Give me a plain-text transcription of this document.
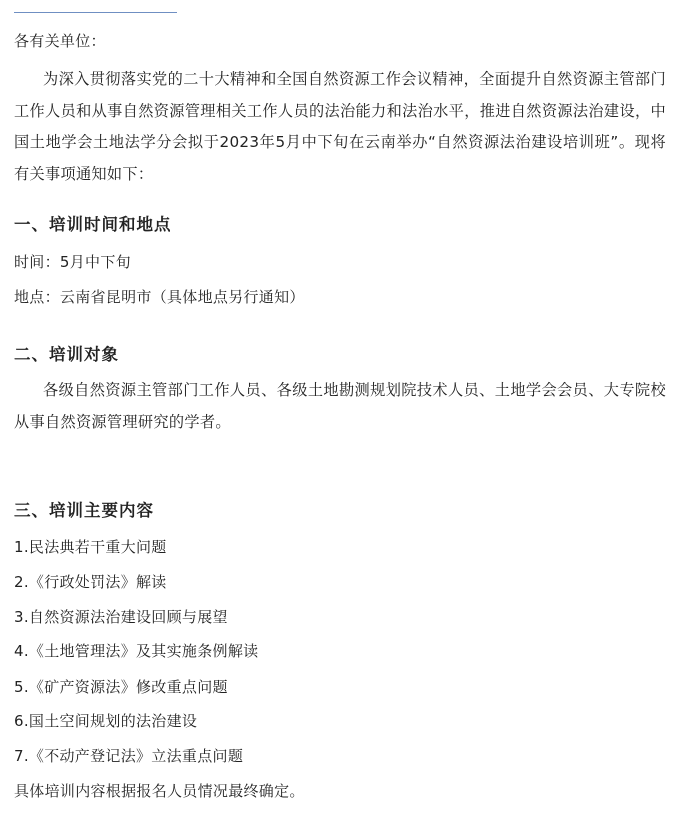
各有关单位：

为深入贯彻落实党的二十大精神和全国自然资源工作会议精神，全面提升自然资源主管部门工作人员和从事自然资源管理相关工作人员的法治能力和法治水平，推进自然资源法治建设，中国土地学会土地法学分会拟于2023年5月中下旬在云南举办“自然资源法治建设培训班”。现将有关事项通知如下：

一、培训时间和地点
时间：5月中下旬
地点：云南省昆明市（具体地点另行通知）
二、培训对象

各级自然资源主管部门工作人员、各级土地勘测规划院技术人员、土地学会会员、大专院校从事自然资源管理研究的学者。

三、培训主要内容
1.民法典若干重大问题
2.《行政处罚法》解读
3.自然资源法治建设回顾与展望
4.《土地管理法》及其实施条例解读
5.《矿产资源法》修改重点问题
6.国土空间规划的法治建设
7.《不动产登记法》立法重点问题
具体培训内容根据报名人员情况最终确定。
